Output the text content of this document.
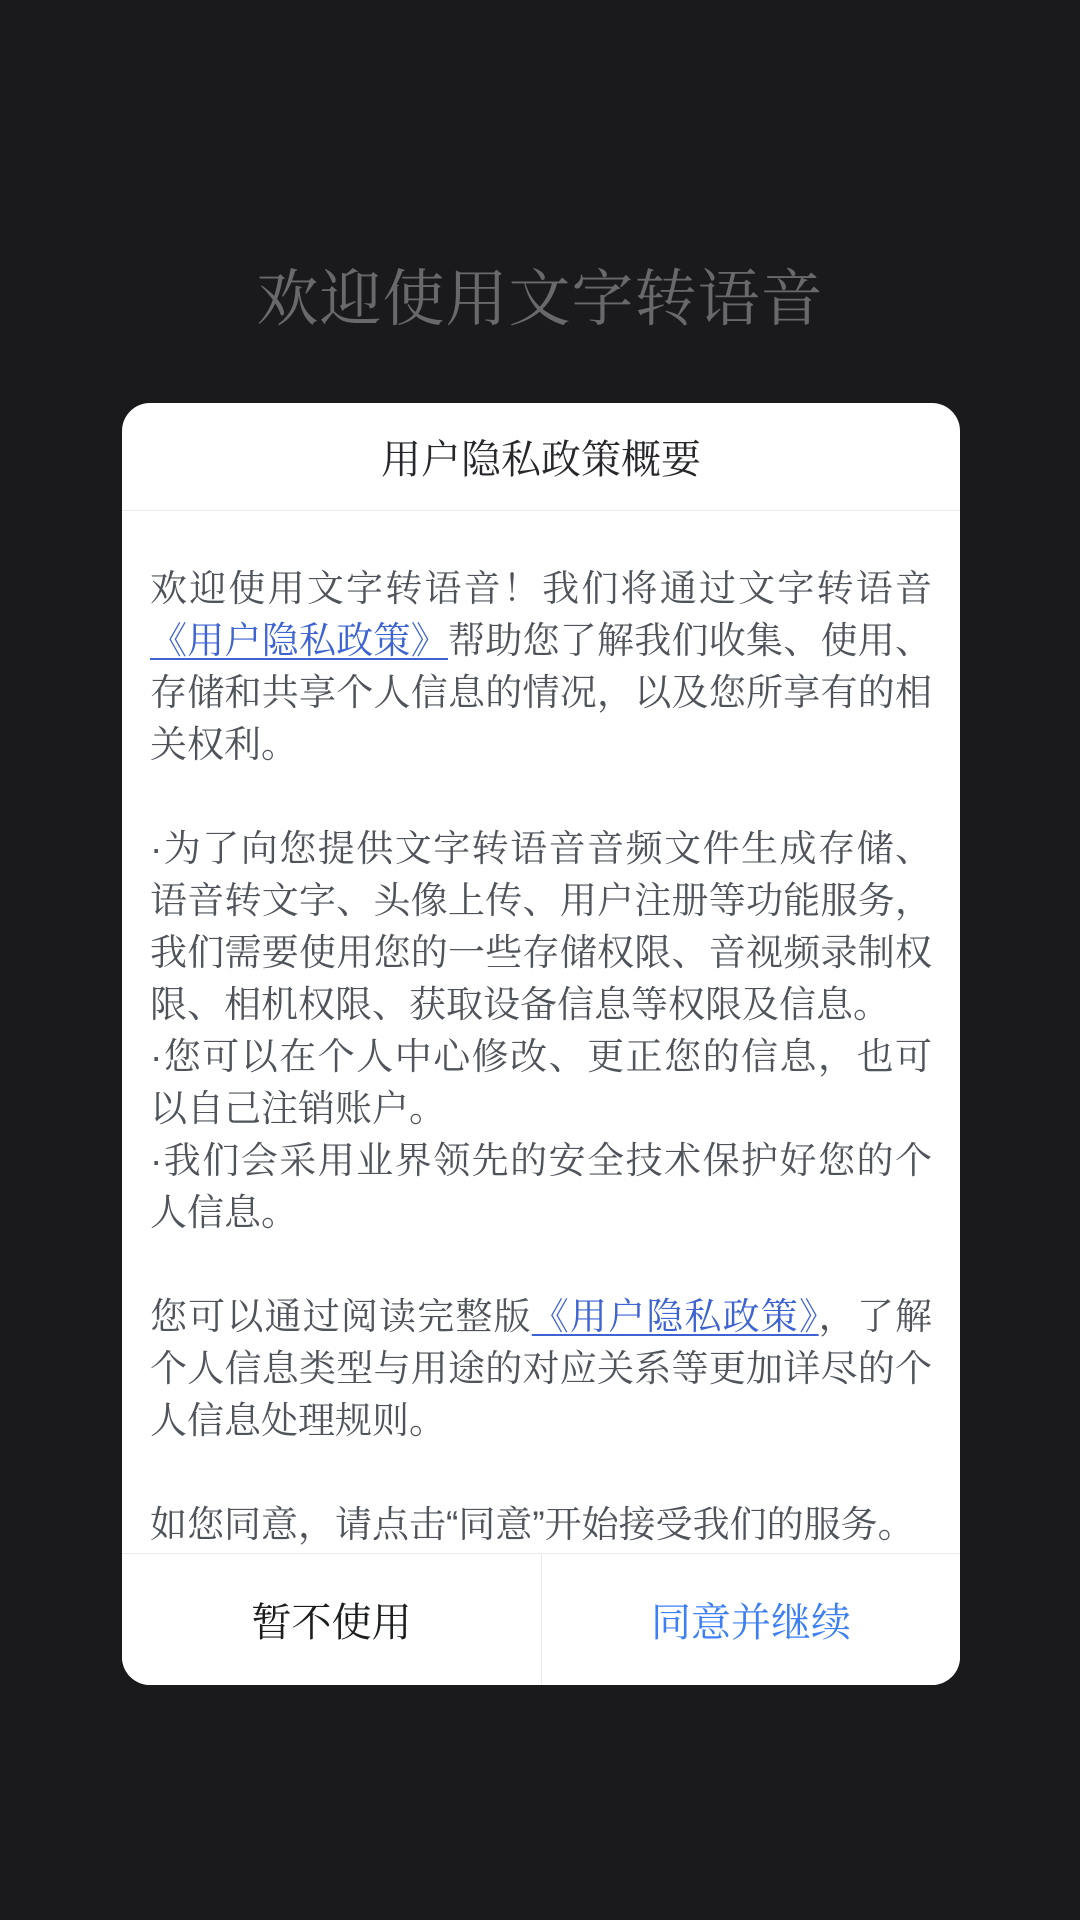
欢迎使用文字转语音
用户隐私政策概要

欢迎使用文字转语音！我们将通过文字转语音《用户隐私政策》帮助您了解我们收集、使用、存储和共享个人信息的情况，以及您所享有的相关权利。

·为了向您提供文字转语音音频文件生成存储、语音转文字、头像上传、用户注册等功能服务，我们需要使用您的一些存储权限、音视频录制权限、相机权限、获取设备信息等权限及信息。
·您可以在个人中心修改、更正您的信息，也可以自己注销账户。
·我们会采用业界领先的安全技术保护好您的个人信息。

您可以通过阅读完整版《用户隐私政策》，了解个人信息类型与用途的对应关系等更加详尽的个人信息处理规则。

如您同意，请点击“同意”开始接受我们的服务。

暂不使用	同意并继续
